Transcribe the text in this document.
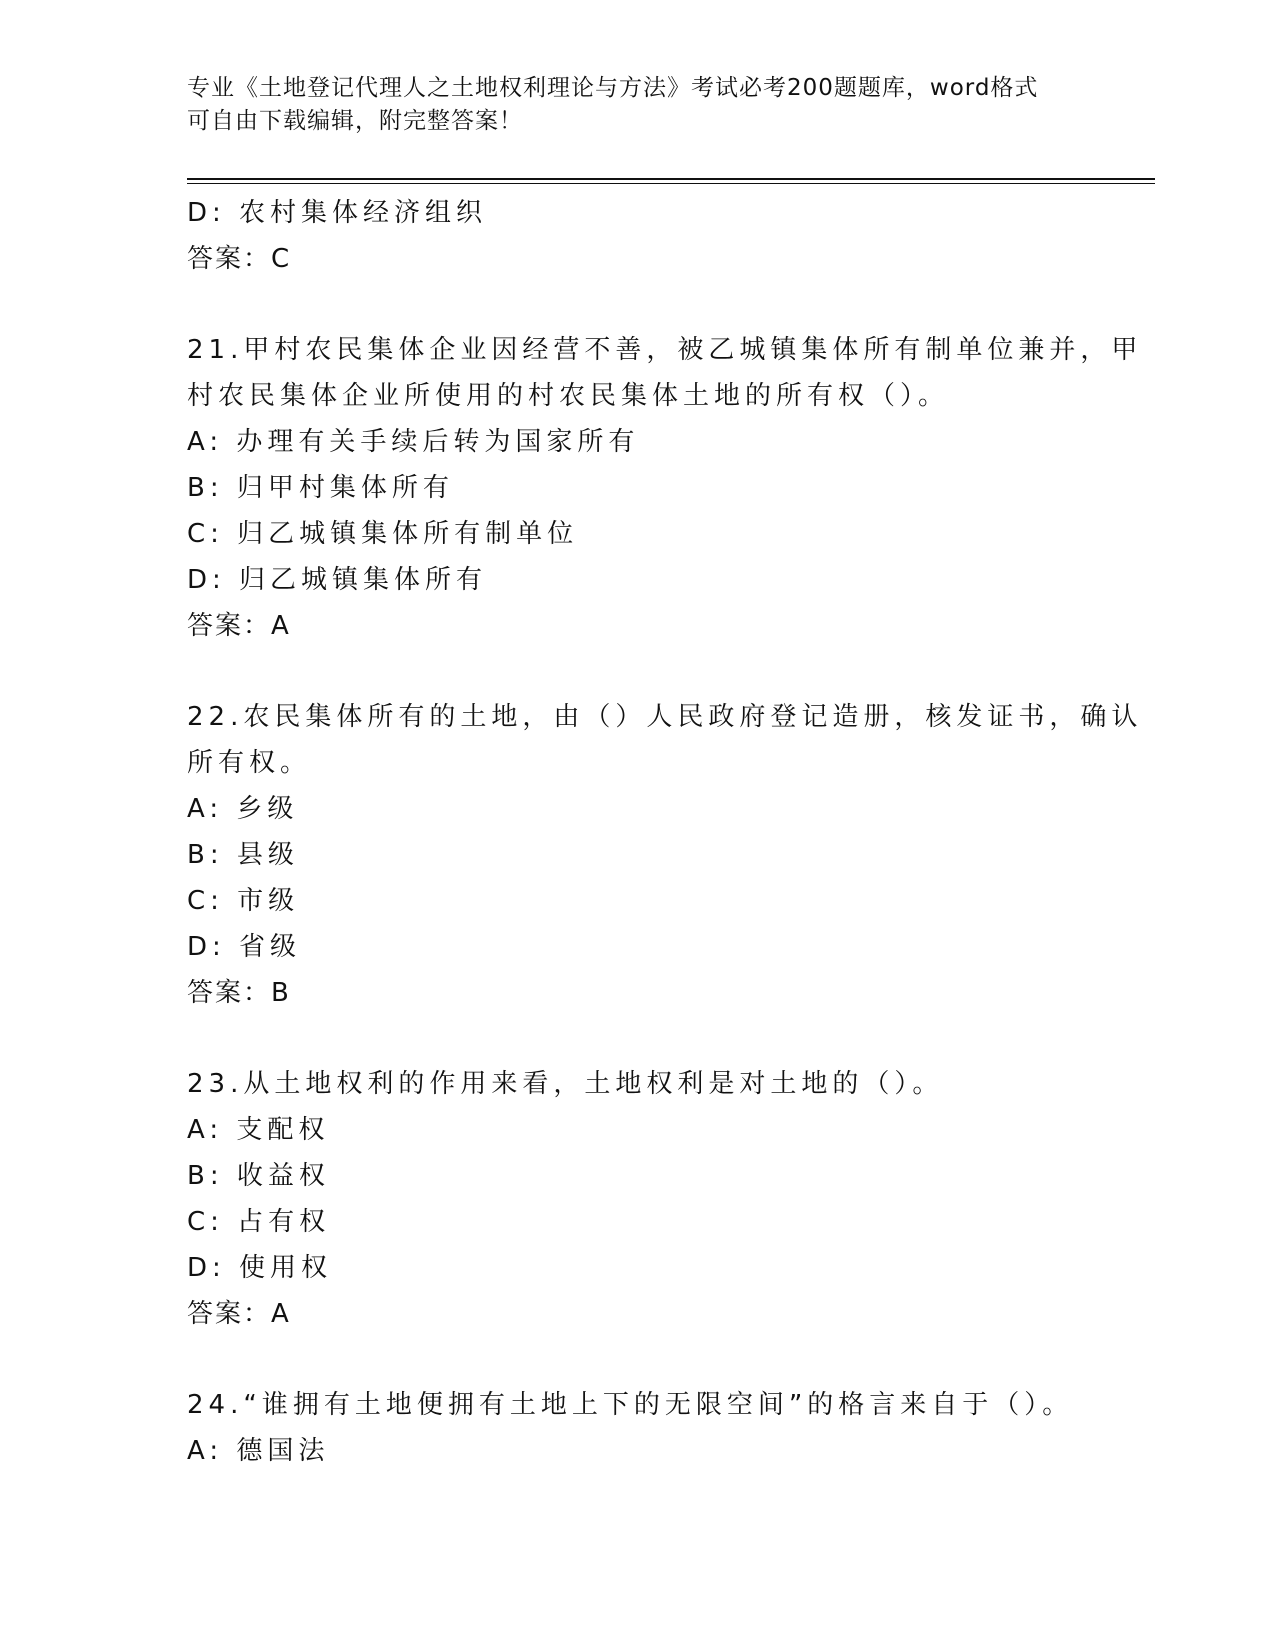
专业《土地登记代理人之土地权利理论与方法》考试必考200题题库，word格式
可自由下载编辑，附完整答案！
D: 农村集体经济组织
答案：C
21.甲村农民集体企业因经营不善，被乙城镇集体所有制单位兼并，甲
村农民集体企业所使用的村农民集体土地的所有权（）。
A: 办理有关手续后转为国家所有
B: 归甲村集体所有
C: 归乙城镇集体所有制单位
D: 归乙城镇集体所有
答案：A
22.农民集体所有的土地，由（）人民政府登记造册，核发证书，确认
所有权。
A: 乡级
B: 县级
C: 市级
D: 省级
答案：B
23.从土地权利的作用来看，土地权利是对土地的（）。
A: 支配权
B: 收益权
C: 占有权
D: 使用权
答案：A
24.“谁拥有土地便拥有土地上下的无限空间”的格言来自于（）。
A: 德国法
